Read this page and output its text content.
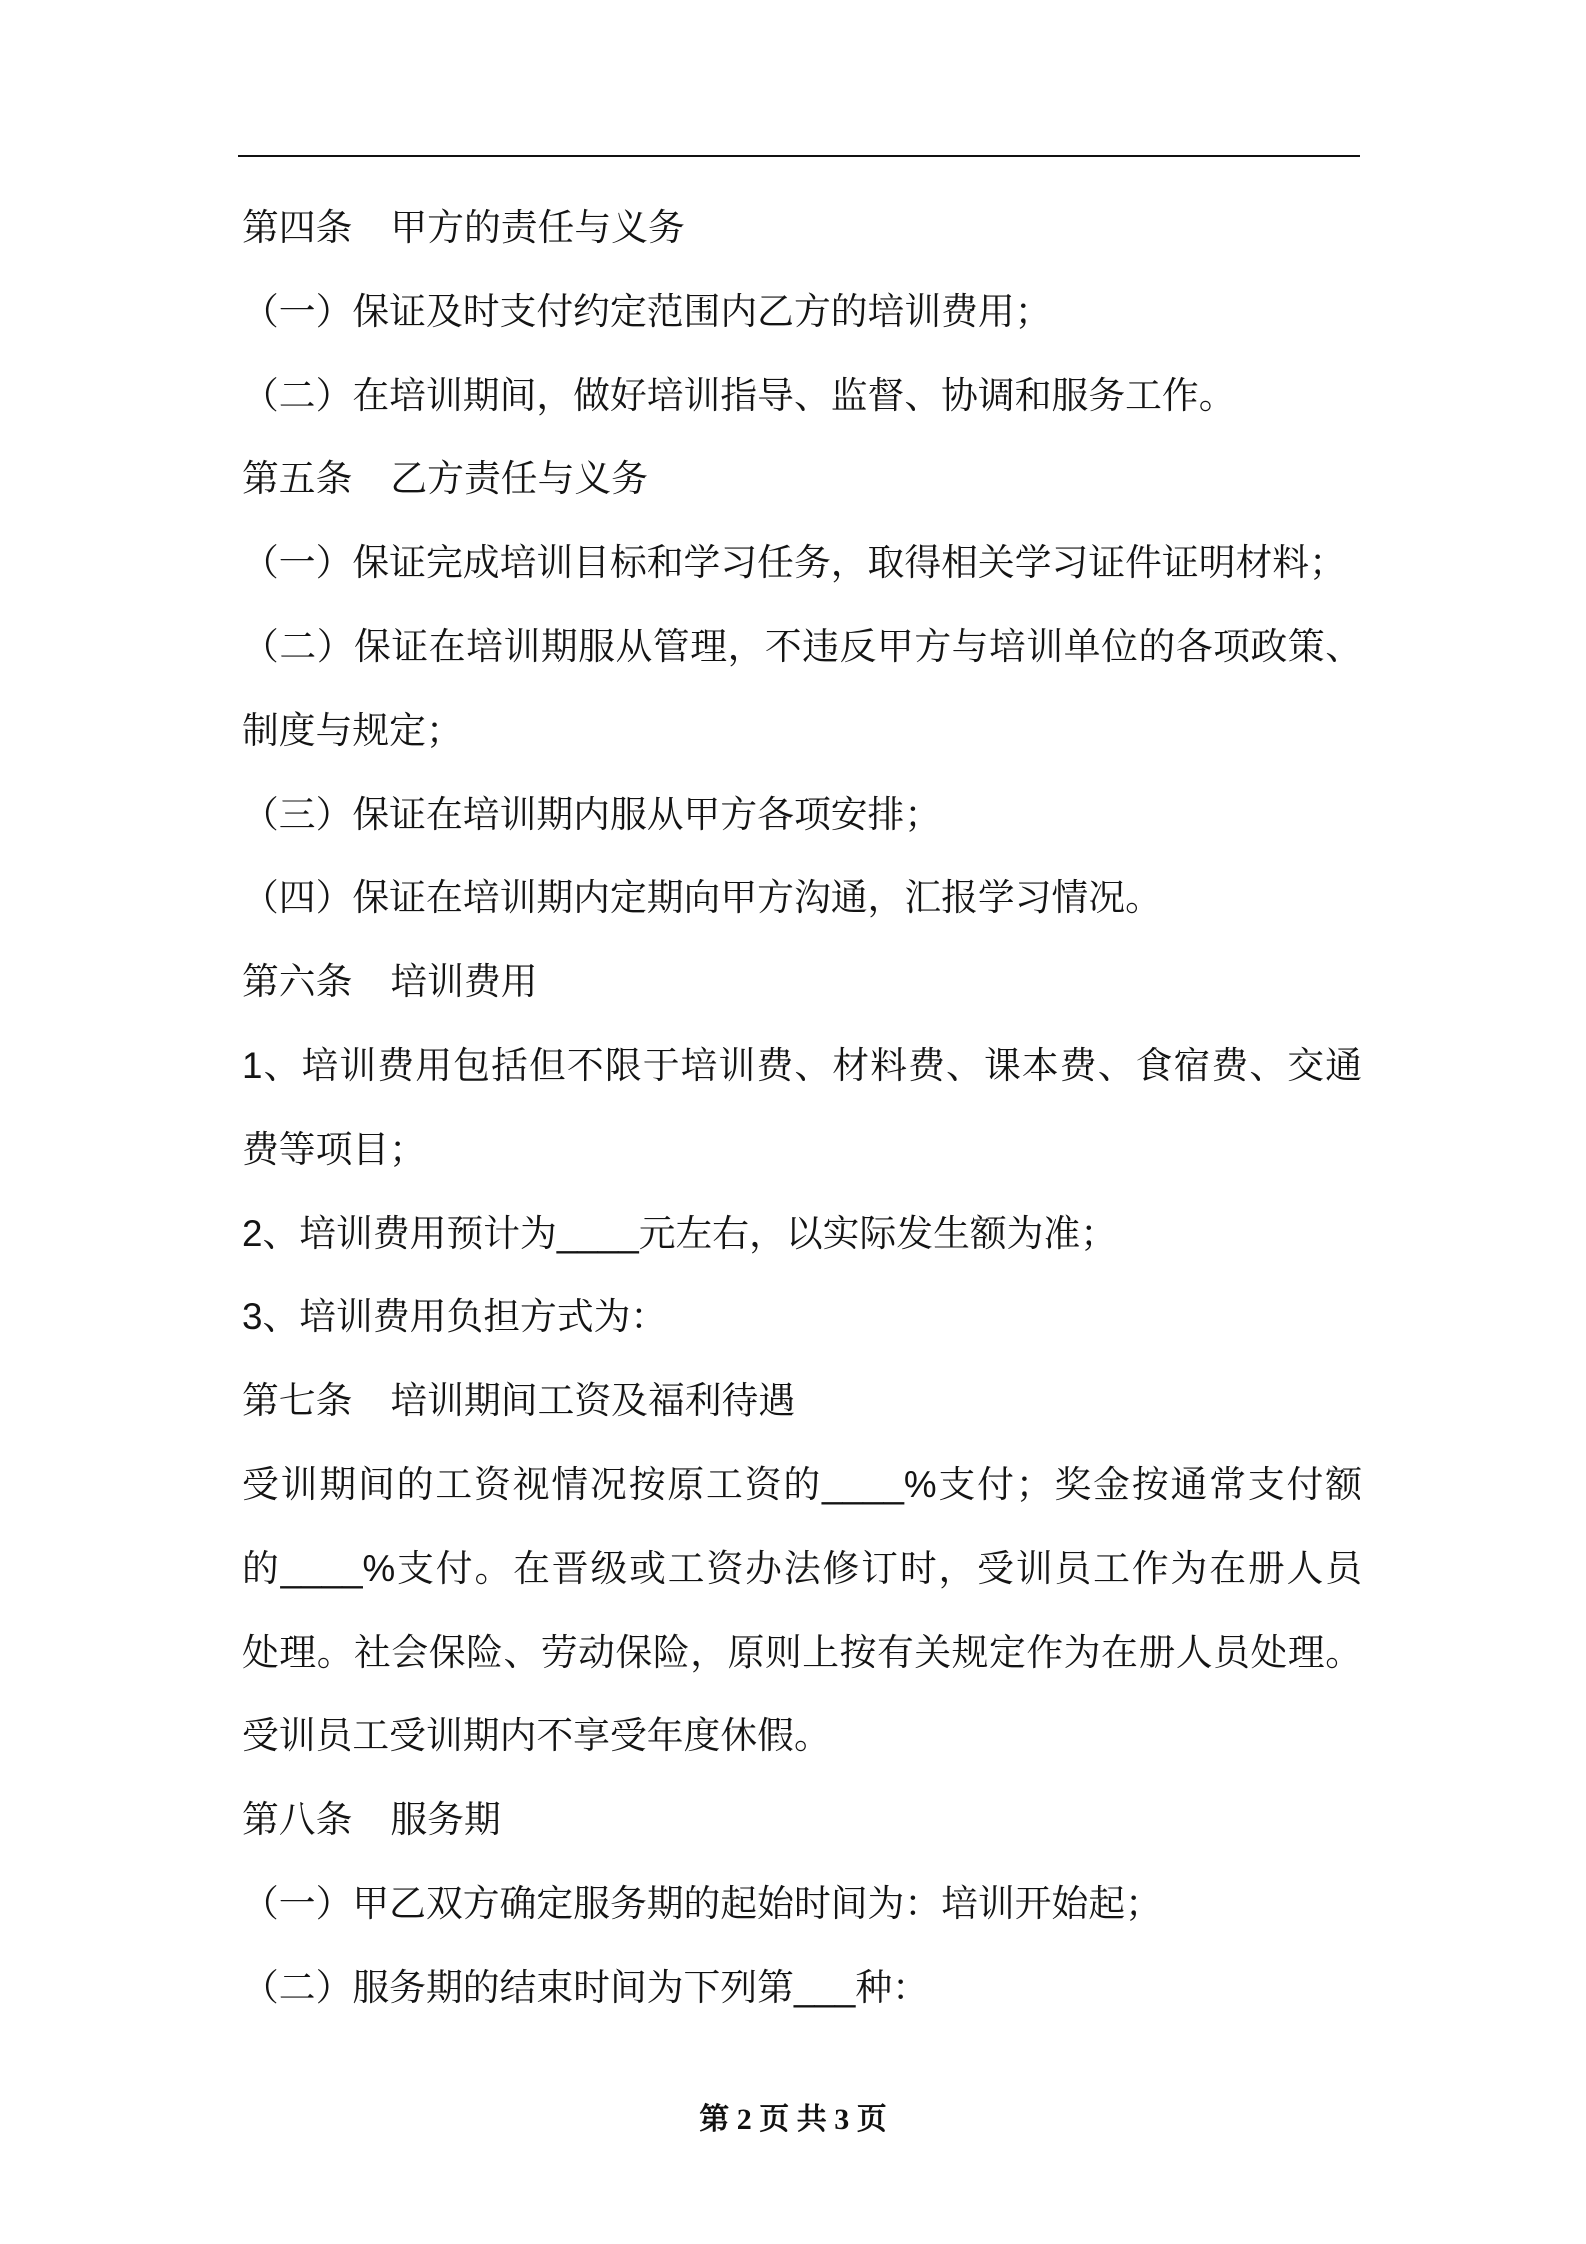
第四条 甲方的责任与义务
（一）保证及时支付约定范围内乙方的培训费用；
（二）在培训期间，做好培训指导、监督、协调和服务工作。
第五条 乙方责任与义务
（一）保证完成培训目标和学习任务，取得相关学习证件证明材料；
（二）保证在培训期服从管理，不违反甲方与培训单位的各项政策、
制度与规定；
（三）保证在培训期内服从甲方各项安排；
（四）保证在培训期内定期向甲方沟通，汇报学习情况。
第六条 培训费用
1、培训费用包括但不限于培训费、材料费、课本费、食宿费、交通
费等项目；
2、培训费用预计为____元左右，以实际发生额为准；
3、培训费用负担方式为：
第七条 培训期间工资及福利待遇
受训期间的工资视情况按原工资的____%支付；奖金按通常支付额
的____%支付。在晋级或工资办法修订时，受训员工作为在册人员
处理。社会保险、劳动保险，原则上按有关规定作为在册人员处理。
受训员工受训期内不享受年度休假。
第八条 服务期
（一）甲乙双方确定服务期的起始时间为：培训开始起；
（二）服务期的结束时间为下列第___种：
第 2 页 共 3 页
